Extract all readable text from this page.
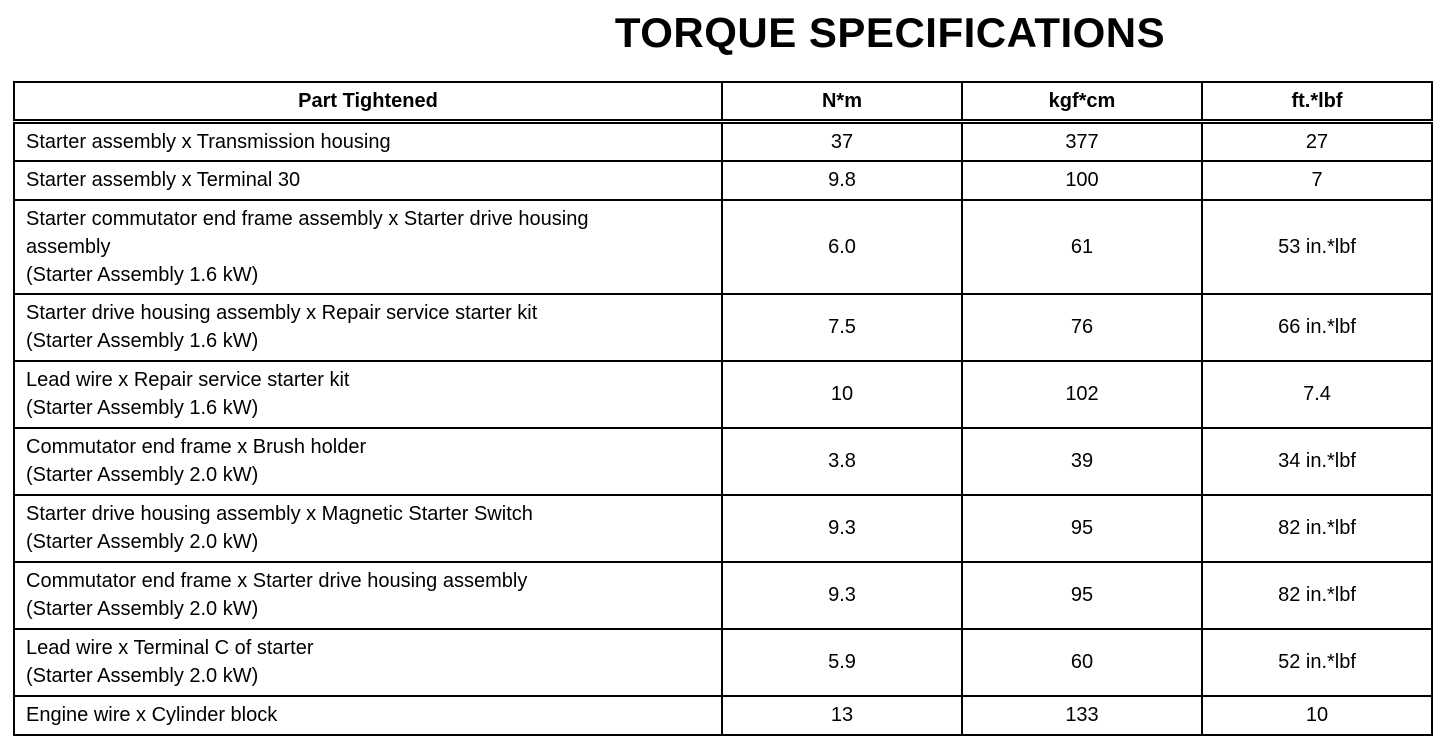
TORQUE SPECIFICATIONS
Part Tightened	N*m	kgf*cm	ft.*lbf
Starter assembly x Transmission housing	37	377	27
Starter assembly x Terminal 30	9.8	100	7
Starter commutator end frame assembly x Starter drive housing
assembly
(Starter Assembly 1.6 kW)	6.0	61	53 in.*lbf
Starter drive housing assembly x Repair service starter kit
(Starter Assembly 1.6 kW)	7.5	76	66 in.*lbf
Lead wire x Repair service starter kit
(Starter Assembly 1.6 kW)	10	102	7.4
Commutator end frame x Brush holder
(Starter Assembly 2.0 kW)	3.8	39	34 in.*lbf
Starter drive housing assembly x Magnetic Starter Switch
(Starter Assembly 2.0 kW)	9.3	95	82 in.*lbf
Commutator end frame x Starter drive housing assembly
(Starter Assembly 2.0 kW)	9.3	95	82 in.*lbf
Lead wire x Terminal C of starter
(Starter Assembly 2.0 kW)	5.9	60	52 in.*lbf
Engine wire x Cylinder block	13	133	10
